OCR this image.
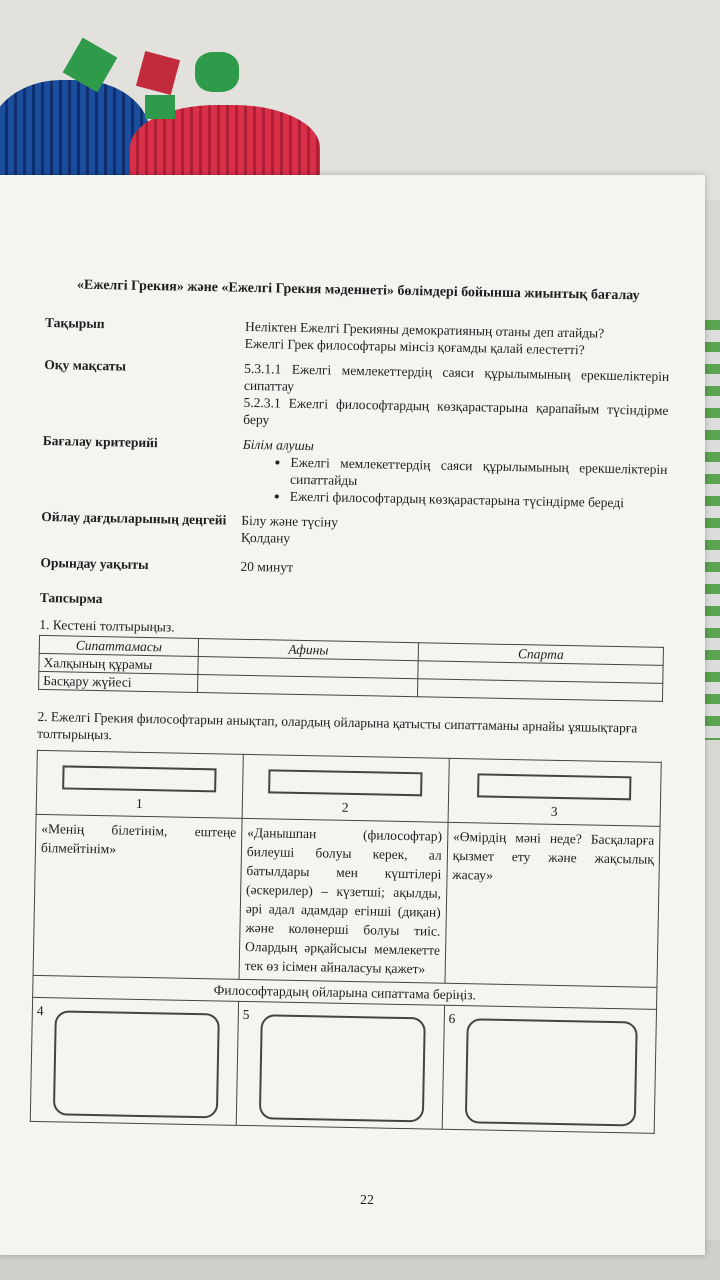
«Ежелгі Грекия» және «Ежелгі Грекия мәдениеті» бөлімдері бойынша жиынтық бағалау
Тақырып	Неліктен Ежелгі Грекияны демократияның отаны деп атайды?

Ежелгі Грек философтары мінсіз қоғамды қалай елестетті?

Оқу мақсаты	5.3.1.1 Ежелгі мемлекеттердің саяси құрылымының ерекшеліктерін сипаттау

5.2.3.1 Ежелгі философтардың көзқарастарына қарапайым түсіндірме беру

Бағалау критерийі	Білім алушы

• Ежелгі мемлекеттердің саяси құрылымының ерекшеліктерін сипаттайды
• Ежелгі философтардың көзқарастарына түсіндірме береді
Ойлау дағдыларының деңгейі	Білу және түсіну

Қолдану

Орындау уақыты	20 минут
Тапсырма
1. Кестені толтырыңыз.
Сипаттамасы	Афины	Спарта
Халқының құрамы		
Басқару жүйесі		
2. Ежелгі Грекия философтарын анықтап, олардың ойларына қатысты сипаттаманы арнайы ұяшықтарға толтырыңыз.
1	2	3
«Менің білетінім, ештеңе білмейтінім»	«Данышпан (философтар) билеуші болуы керек, ал батылдары мен күштілері (әскерилер) – күзетші; ақылды, әрі адал адамдар егінші (диқан) және колөнерші болуы тиіс. Олардың әрқайсысы мемлекетте тек өз ісімен айналасуы қажет»	«Өмірдің мәні неде? Басқаларға қызмет ету және жақсылық жасау»
Философтардың ойларына сипаттама беріңіз.		

4	5	6
22
